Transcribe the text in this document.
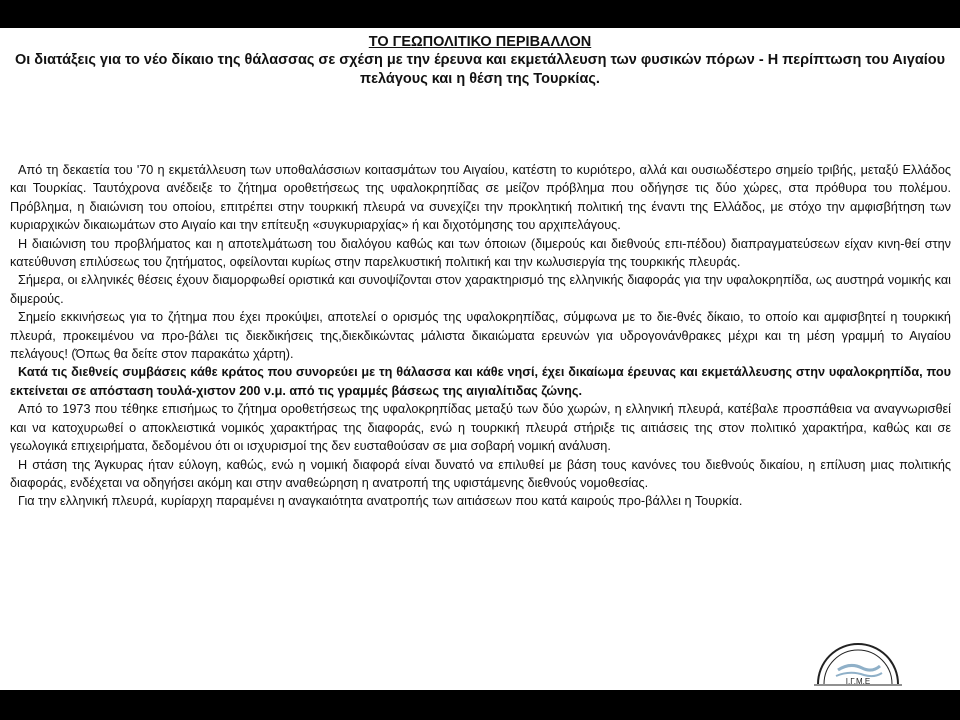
ΤΟ ΓΕΩΠΟΛΙΤΙΚΟ ΠΕΡΙΒΑΛΛΟΝ
Οι διατάξεις για το νέο δίκαιο της θάλασσας σε σχέση με την έρευνα και εκμετάλλευση των φυσικών πόρων - Η περίπτωση του Αιγαίου πελάγους και η θέση της Τουρκίας.

Από τη δεκαετία του '70 η εκμετάλλευση των υποθαλάσσιων κοιτασμάτων του Αιγαίου, κατέστη το κυριότερο, αλλά και ουσιωδέστερο σημείο τριβής, μεταξύ Ελλάδος και Τουρκίας. Ταυτόχρονα ανέδειξε το ζήτημα οροθετήσεως της υφαλοκρηπίδας σε μείζον πρόβλημα που οδήγησε τις δύο χώρες, στα πρόθυρα του πολέμου. Πρόβλημα, η διαιώνιση του οποίου, επιτρέπει στην τουρκική πλευρά να συνεχίζει την προκλητική πολιτική της έναντι της Ελλάδος, με στόχο την αμφισβήτηση των κυριαρχικών δικαιωμάτων στο Αιγαίο και την επίτευξη «συγκυριαρχίας» ή και διχοτόμησης του αρχιπελάγους.

Η διαιώνιση του προβλήματος και η αποτελμάτωση του διαλόγου καθώς και των όποιων (διμερούς και διεθνούς επι-πέδου) διαπραγματεύσεων είχαν κινη-θεί στην κατεύθυνση επιλύσεως του ζητήματος, οφείλονται κυρίως στην παρελκυστική πολιτική και την κωλυσιεργία της τουρκικής πλευράς.

Σήμερα, οι ελληνικές θέσεις έχουν διαμορφωθεί οριστικά και συνοψίζονται στον χαρακτηρισμό της ελληνικής διαφοράς για την υφαλοκρηπίδα, ως αυστηρά νομικής και διμερούς.

Σημείο εκκινήσεως για το ζήτημα που έχει προκύψει, αποτελεί ο ορισμός της υφαλοκρηπίδας, σύμφωνα με το διε-θνές δίκαιο, το οποίο και αμφισβητεί η τουρκική πλευρά, προκειμένου να προ-βάλει τις διεκδικήσεις της,διεκδικώντας μάλιστα δικαιώματα ερευνών για υδρογονάνθρακες μέχρι και τη μέση γραμμή το Αιγαίου πελάγους! (Όπως θα δείτε στον παρακάτω χάρτη).

Κατά τις διεθνείς συμβάσεις κάθε κράτος που συνορεύει με τη θάλασσα και κάθε νησί, έχει δικαίωμα έρευνας και εκμετάλλευσης στην υφαλοκρηπίδα, που εκτείνεται σε απόσταση τουλά-χιστον 200 ν.μ. από τις γραμμές βάσεως της αιγιαλίτιδας ζώνης.

Από το 1973 που τέθηκε επισήμως το ζήτημα οροθετήσεως της υφαλοκρηπίδας μεταξύ των δύο χωρών, η ελληνική πλευρά, κατέβαλε προσπάθεια να αναγνωρισθεί και να κατοχυρωθεί ο αποκλειστικά νομικός χαρακτήρας της διαφοράς, ενώ η τουρκική πλευρά στήριξε τις αιτιάσεις της στον πολιτικό χαρακτήρα, καθώς και σε γεωλογικά επιχειρήματα, δεδομένου ότι οι ισχυρισμοί της δεν ευσταθούσαν σε μια σοβαρή νομική ανάλυση.

Η στάση της Άγκυρας ήταν εύλογη, καθώς, ενώ η νομική διαφορά είναι δυνατό να επιλυθεί με βάση τους κανόνες του διεθνούς δικαίου, η επίλυση μιας πολιτικής διαφοράς, ενδέχεται να οδηγήσει ακόμη και στην αναθεώρηση η ανατροπή της υφιστάμενης διεθνούς νομοθεσίας.

Για την ελληνική πλευρά, κυρίαρχη παραμένει η αναγκαιότητα ανατροπής των αιτιάσεων που κατά καιρούς προ-βάλλει η Τουρκία.

Ι.Γ.Μ.Ε
